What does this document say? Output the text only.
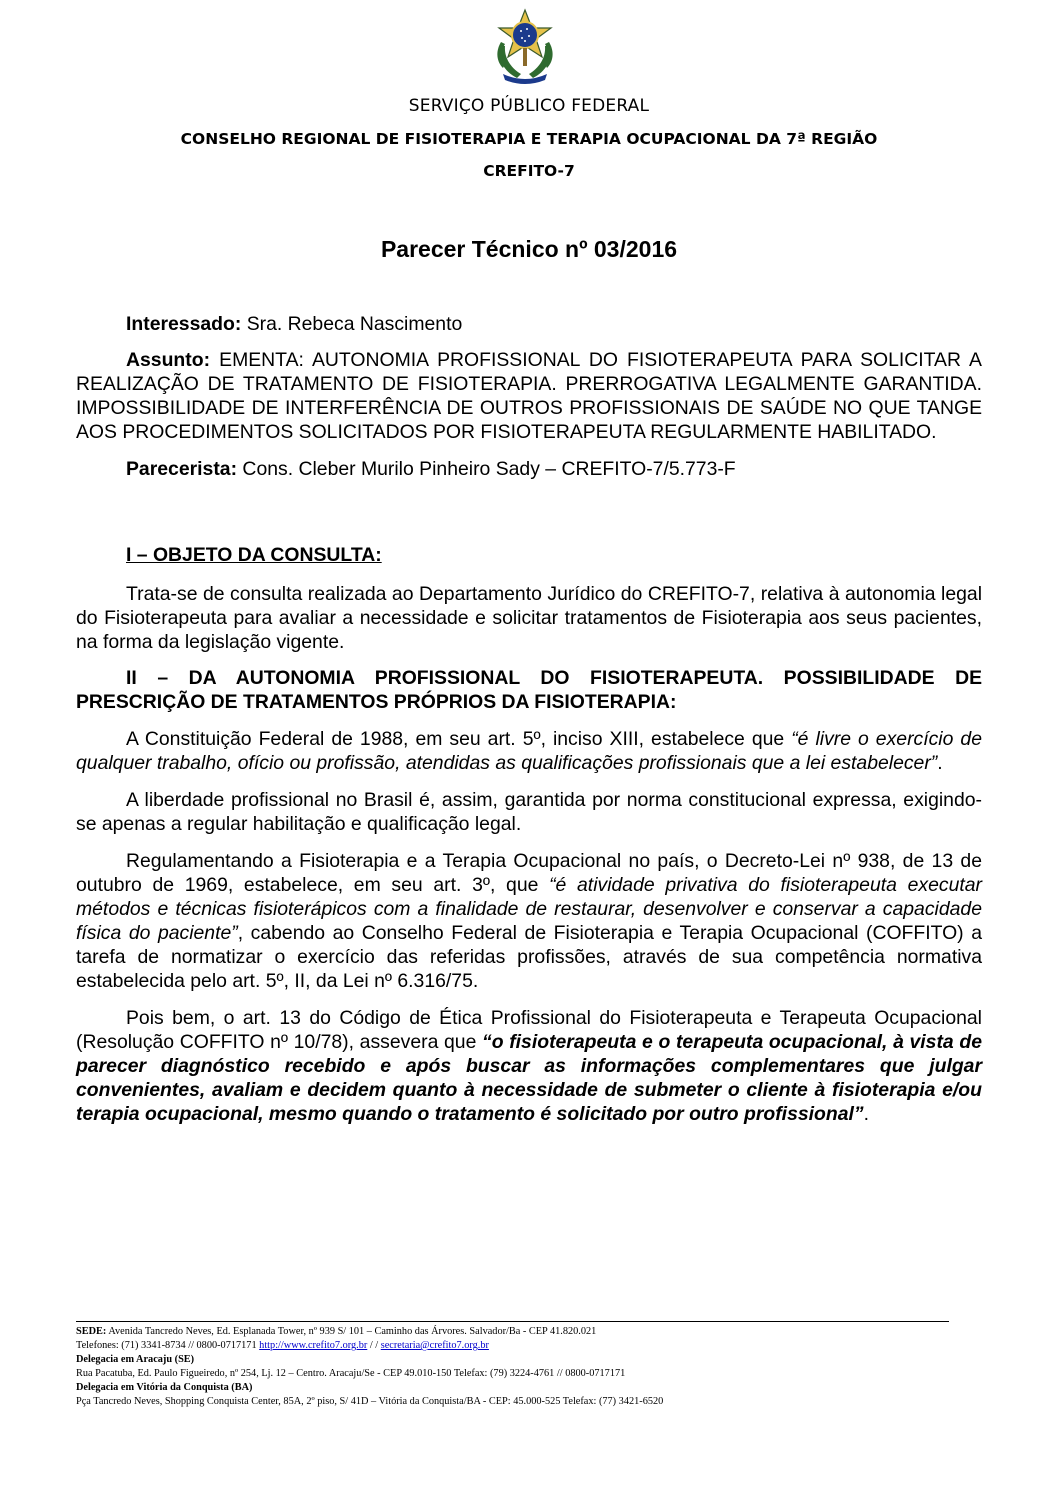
SERVIÇO PÚBLICO FEDERAL
CONSELHO REGIONAL DE FISIOTERAPIA E TERAPIA OCUPACIONAL DA 7ª REGIÃO
CREFITO-7
Parecer Técnico nº 03/2016

Interessado: Sra. Rebeca Nascimento

Assunto: EMENTA: AUTONOMIA PROFISSIONAL DO FISIOTERAPEUTA PARA SOLICITAR A REALIZAÇÃO DE TRATAMENTO DE FISIOTERAPIA. PRERROGATIVA LEGALMENTE GARANTIDA. IMPOSSIBILIDADE DE INTERFERÊNCIA DE OUTROS PROFISSIONAIS DE SAÚDE NO QUE TANGE AOS PROCEDIMENTOS SOLICITADOS POR FISIOTERAPEUTA REGULARMENTE HABILITADO.

Parecerista: Cons. Cleber Murilo Pinheiro Sady – CREFITO-7/5.773-F

I – OBJETO DA CONSULTA:

Trata-se de consulta realizada ao Departamento Jurídico do CREFITO-7, relativa à autonomia legal do Fisioterapeuta para avaliar a necessidade e solicitar tratamentos de Fisioterapia aos seus pacientes, na forma da legislação vigente.

II – DA AUTONOMIA PROFISSIONAL DO FISIOTERAPEUTA. POSSIBILIDADE DE PRESCRIÇÃO DE TRATAMENTOS PRÓPRIOS DA FISIOTERAPIA:

A Constituição Federal de 1988, em seu art. 5º, inciso XIII, estabelece que “é livre o exercício de qualquer trabalho, ofício ou profissão, atendidas as qualificações profissionais que a lei estabelecer”.

A liberdade profissional no Brasil é, assim, garantida por norma constitucional expressa, exigindo-se apenas a regular habilitação e qualificação legal.

Regulamentando a Fisioterapia e a Terapia Ocupacional no país, o Decreto-Lei nº 938, de 13 de outubro de 1969, estabelece, em seu art. 3º, que “é atividade privativa do fisioterapeuta executar métodos e técnicas fisioterápicos com a finalidade de restaurar, desenvolver e conservar a capacidade física do paciente”, cabendo ao Conselho Federal de Fisioterapia e Terapia Ocupacional (COFFITO) a tarefa de normatizar o exercício das referidas profissões, através de sua competência normativa estabelecida pelo art. 5º, II, da Lei nº 6.316/75.

Pois bem, o art. 13 do Código de Ética Profissional do Fisioterapeuta e Terapeuta Ocupacional (Resolução COFFITO nº 10/78), assevera que “o fisioterapeuta e o terapeuta ocupacional, à vista de parecer diagnóstico recebido e após buscar as informações complementares que julgar convenientes, avaliam e decidem quanto à necessidade de submeter o cliente à fisioterapia e/ou terapia ocupacional, mesmo quando o tratamento é solicitado por outro profissional”.

SEDE: Avenida Tancredo Neves, Ed. Esplanada Tower, nº 939 S/ 101 – Caminho das Árvores. Salvador/Ba - CEP 41.820.021
Telefones: (71) 3341-8734 // 0800-0717171 http://www.crefito7.org.br / / secretaria@crefito7.org.br
Delegacia em Aracaju (SE)
Rua Pacatuba, Ed. Paulo Figueiredo, nº 254, Lj. 12 – Centro. Aracaju/Se - CEP 49.010-150 Telefax: (79) 3224-4761 // 0800-0717171
Delegacia em Vitória da Conquista (BA)
Pça Tancredo Neves, Shopping Conquista Center, 85A, 2º piso, S/ 41D – Vitória da Conquista/BA - CEP: 45.000-525 Telefax: (77) 3421-6520
